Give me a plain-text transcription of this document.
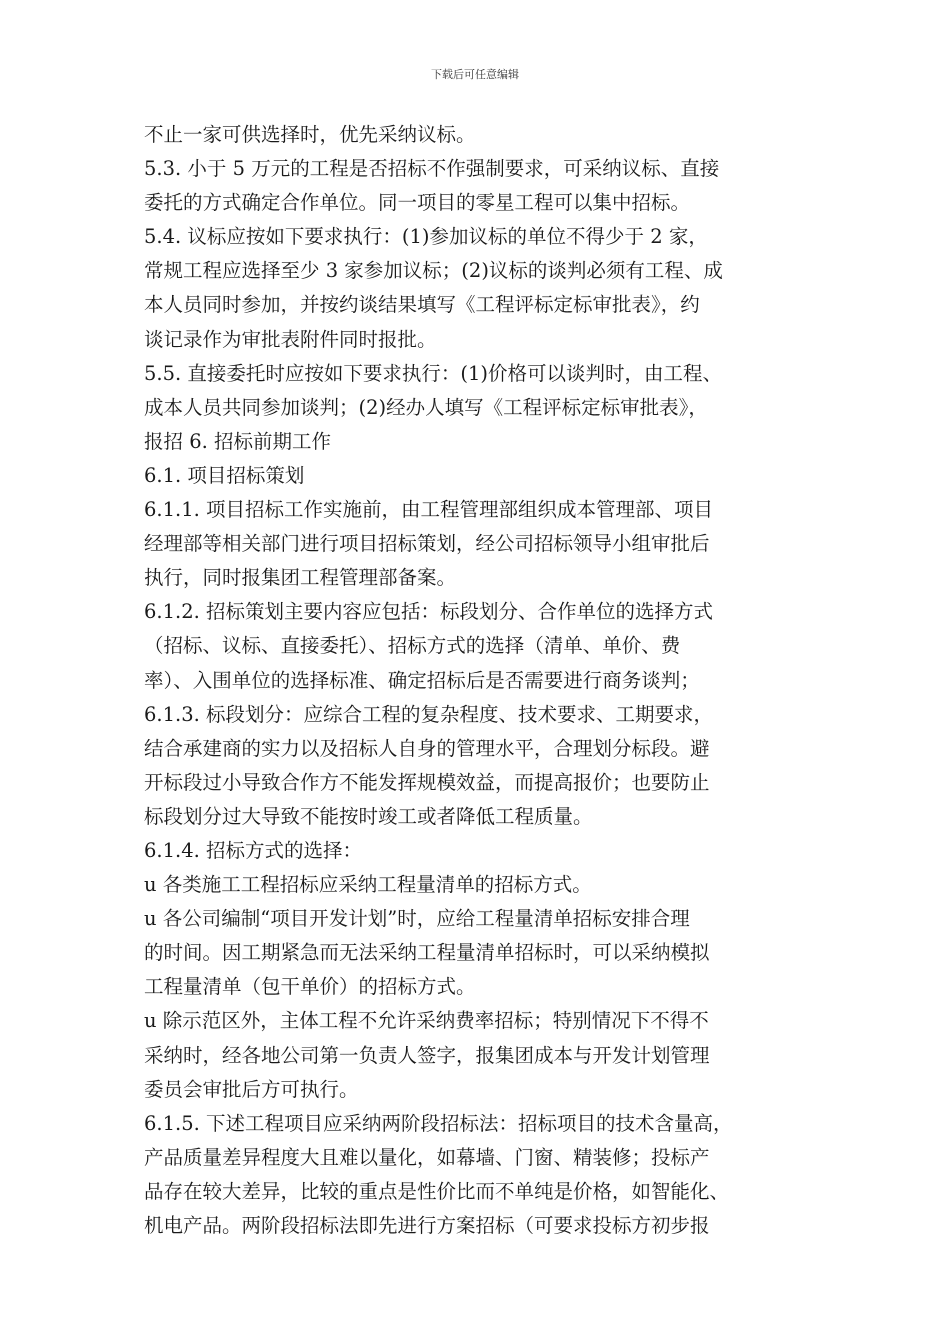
下载后可任意编辑
不止一家可供选择时，优先采纳议标。
5.3. 小于 5 万元的工程是否招标不作强制要求，可采纳议标、直接
委托的方式确定合作单位。同一项目的零星工程可以集中招标。
5.4. 议标应按如下要求执行：(1)参加议标的单位不得少于 2 家，
常规工程应选择至少 3 家参加议标；(2)议标的谈判必须有工程、成
本人员同时参加，并按约谈结果填写《工程评标定标审批表》，约
谈记录作为审批表附件同时报批。
5.5. 直接委托时应按如下要求执行：(1)价格可以谈判时，由工程、
成本人员共同参加谈判；(2)经办人填写《工程评标定标审批表》，
报招 6. 招标前期工作
6.1. 项目招标策划
6.1.1. 项目招标工作实施前，由工程管理部组织成本管理部、项目
经理部等相关部门进行项目招标策划，经公司招标领导小组审批后
执行，同时报集团工程管理部备案。
6.1.2. 招标策划主要内容应包括：标段划分、合作单位的选择方式
（招标、议标、直接委托）、招标方式的选择（清单、单价、费
率）、入围单位的选择标准、确定招标后是否需要进行商务谈判；
6.1.3. 标段划分：应综合工程的复杂程度、技术要求、工期要求，
结合承建商的实力以及招标人自身的管理水平，合理划分标段。避
开标段过小导致合作方不能发挥规模效益，而提高报价；也要防止
标段划分过大导致不能按时竣工或者降低工程质量。
6.1.4. 招标方式的选择：
u 各类施工工程招标应采纳工程量清单的招标方式。
u 各公司编制“项目开发计划”时，应给工程量清单招标安排合理
的时间。因工期紧急而无法采纳工程量清单招标时，可以采纳模拟
工程量清单（包干单价）的招标方式。
u 除示范区外，主体工程不允许采纳费率招标；特别情况下不得不
采纳时，经各地公司第一负责人签字，报集团成本与开发计划管理
委员会审批后方可执行。
6.1.5. 下述工程项目应采纳两阶段招标法：招标项目的技术含量高，
产品质量差异程度大且难以量化，如幕墙、门窗、精装修；投标产
品存在较大差异，比较的重点是性价比而不单纯是价格，如智能化、
机电产品。两阶段招标法即先进行方案招标（可要求投标方初步报
